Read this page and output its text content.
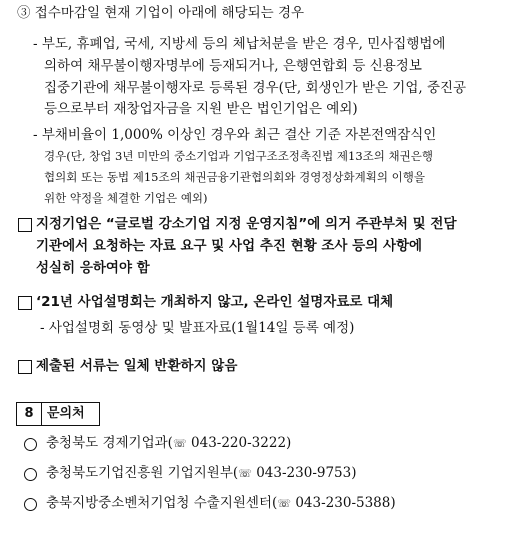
③ 접수마감일 현재 기업이 아래에 해당되는 경우
- 부도, 휴폐업, 국세, 지방세 등의 체납처분을 받은 경우, 민사집행법에
의하여 채무불이행자명부에 등재되거나, 은행연합회 등 신용정보
집중기관에 채무불이행자로 등록된 경우(단, 회생인가 받은 기업, 중진공
등으로부터 재창업자금을 지원 받은 법인기업은 예외)
- 부채비율이 1,000% 이상인 경우와 최근 결산 기준 자본전액잠식인
경우(단, 창업 3년 미만의 중소기업과 기업구조조정촉진법 제13조의 채권은행
협의회 또는 동법 제15조의 채권금융기관협의회와 경영정상화계획의 이행을
위한 약정을 체결한 기업은 예외)
지정기업은 “글로벌 강소기업 지정 운영지침”에 의거 주관부처 및 전담
기관에서 요청하는 자료 요구 및 사업 추진 현황 조사 등의 사항에
성실히 응하여야 함
‘21년 사업설명회는 개최하지 않고, 온라인 설명자료로 대체
- 사업설명회 동영상 및 발표자료(1월14일 등록 예정)
제출된 서류는 일체 반환하지 않음
8	문의처
충청북도 경제기업과(☏ 043-220-3222)
충청북도기업진흥원 기업지원부(☏ 043-230-9753)
충북지방중소벤처기업청 수출지원센터(☏ 043-230-5388)
